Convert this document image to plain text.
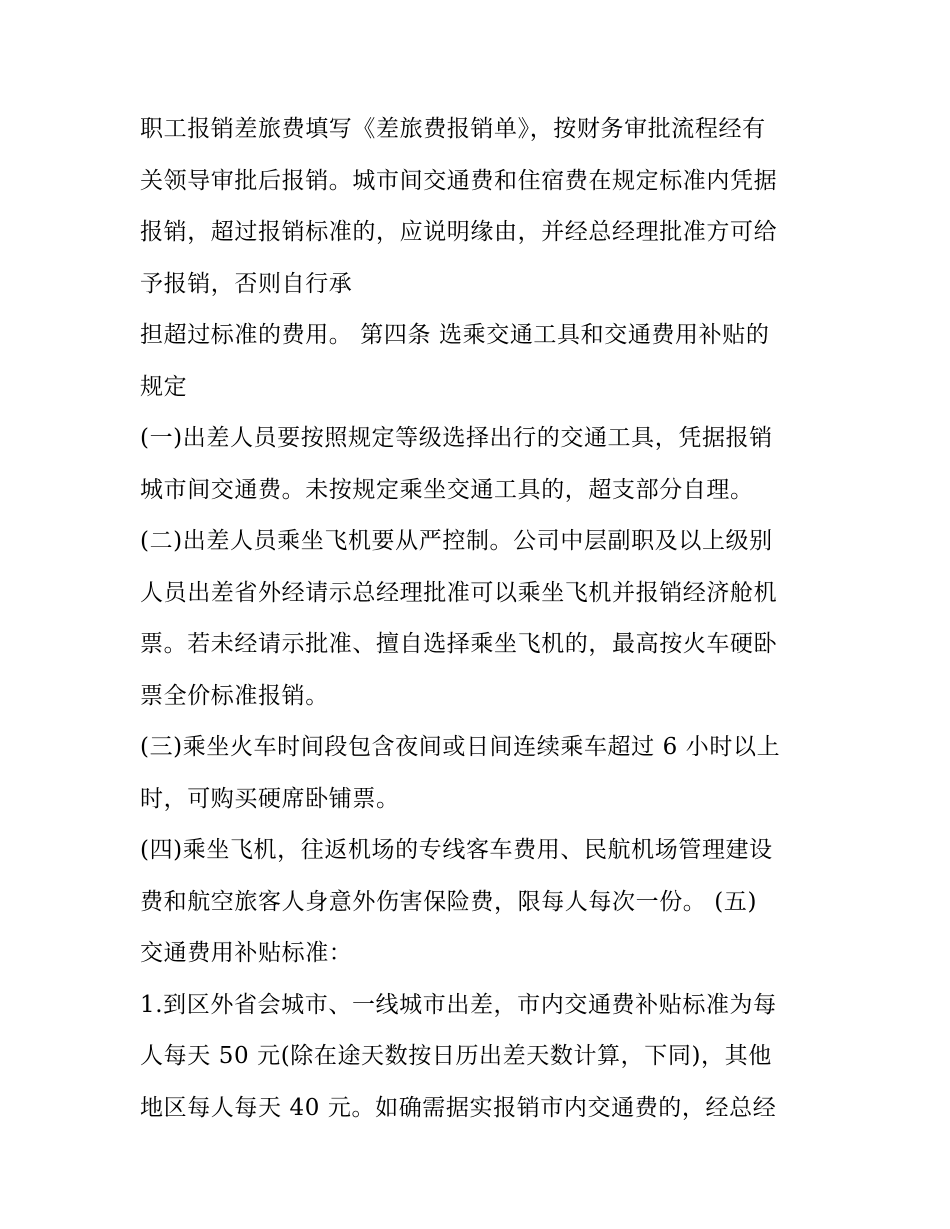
职工报销差旅费填写《差旅费报销单》，按财务审批流程经有
关领导审批后报销。城市间交通费和住宿费在规定标准内凭据
报销，超过报销标准的，应说明缘由，并经总经理批准方可给
予报销，否则自行承
担超过标准的费用。 第四条 选乘交通工具和交通费用补贴的
规定
(一)出差人员要按照规定等级选择出行的交通工具，凭据报销
城市间交通费。未按规定乘坐交通工具的，超支部分自理。
(二)出差人员乘坐飞机要从严控制。公司中层副职及以上级别
人员出差省外经请示总经理批准可以乘坐飞机并报销经济舱机
票。若未经请示批准、擅自选择乘坐飞机的，最高按火车硬卧
票全价标准报销。
(三)乘坐火车时间段包含夜间或日间连续乘车超过 6 小时以上
时，可购买硬席卧铺票。
(四)乘坐飞机，往返机场的专线客车费用、民航机场管理建设
费和航空旅客人身意外伤害保险费，限每人每次一份。 (五)
交通费用补贴标准：
1.到区外省会城市、一线城市出差，市内交通费补贴标准为每
人每天 50 元(除在途天数按日历出差天数计算，下同)，其他
地区每人每天 40 元。如确需据实报销市内交通费的，经总经
